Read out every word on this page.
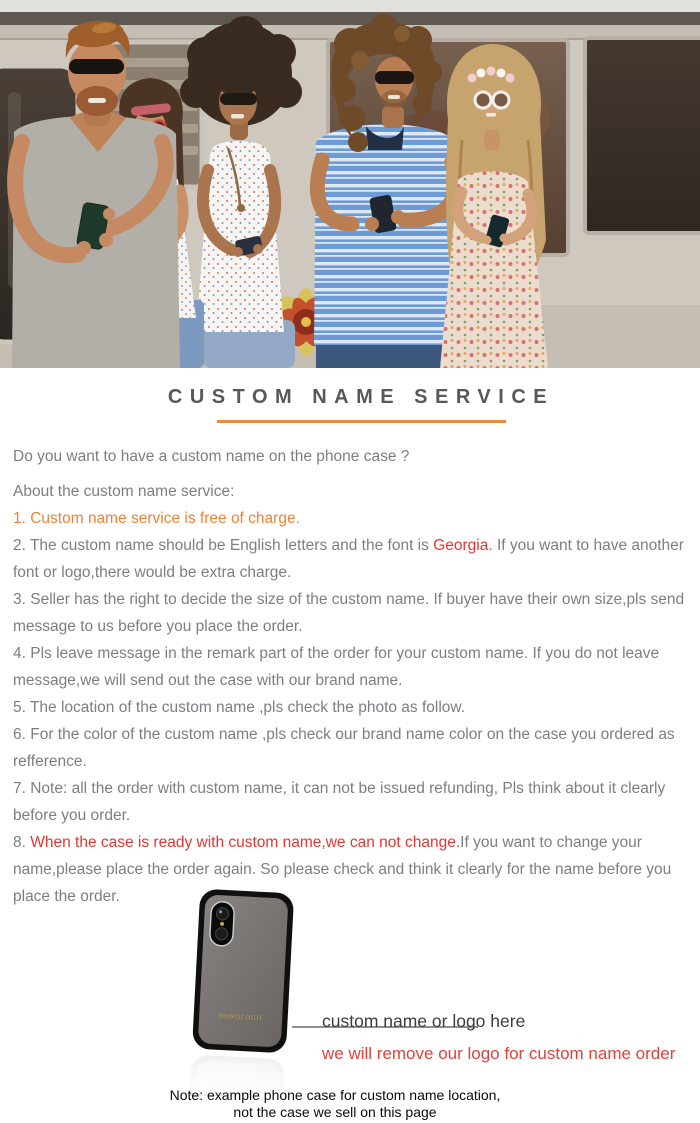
CUSTOM NAME SERVICE

Do you want to have a custom name on the phone case ?

About the custom name service:

1. Custom name service is free of charge.

2. The custom name should be English letters and the font is Georgia. If you want to have another font or logo,there would be extra charge.

3. Seller has the right to decide the size of the custom name. If buyer have their own size,pls send message to us before you place the order.

4. Pls leave message in the remark part of the order for your custom name. If you do not leave message,we will send out the case with our brand name.

5. The location of the custom name ,pls check the photo as follow.

6. For the color of the custom name ,pls check our brand name color on the case you ordered as refference.

7. Note: all the order with custom name, it can not be issued refunding, Pls think about it clearly before you order.

8. When the case is ready with custom name,we can not change.If you want to change your name,please place the order again. So please check and think it clearly for the name before you place the order.

HONOLOGII	custom name or logo here
we will remove our logo for custom name order
Note: example phone case for custom name location,
not the case we sell on this page
